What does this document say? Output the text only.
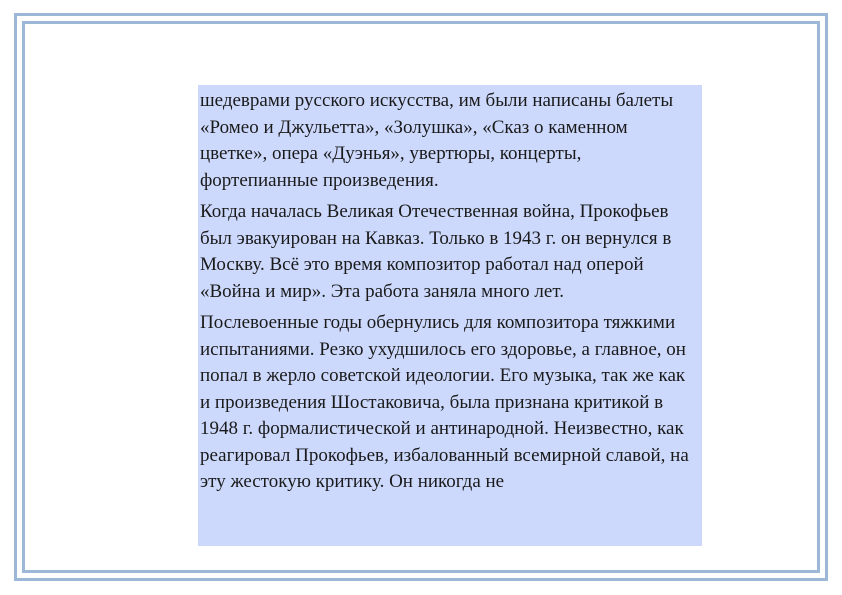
шедеврами русского искусства, им были написаны балеты «Ромео и Джульетта», «Золушка», «Сказ о каменном цветке», опера «Дуэнья», увертюры, концерты, фортепианные произведения.

Когда началась Великая Отечественная война, Прокофьев был эвакуирован на Кавказ. Только в 1943 г. он вернулся в Москву. Всё это время композитор работал над оперой «Война и мир». Эта работа заняла много лет.

Послевоенные годы обернулись для композитора тяжкими испытаниями. Резко ухудшилось его здоровье, а главное, он попал в жерло советской идеологии. Его музыка, так же как и произведения Шостаковича, была признана критикой в 1948 г. формалистической и антинародной. Неизвестно, как реагировал Прокофьев, избалованный всемирной славой, на эту жестокую критику. Он никогда не
